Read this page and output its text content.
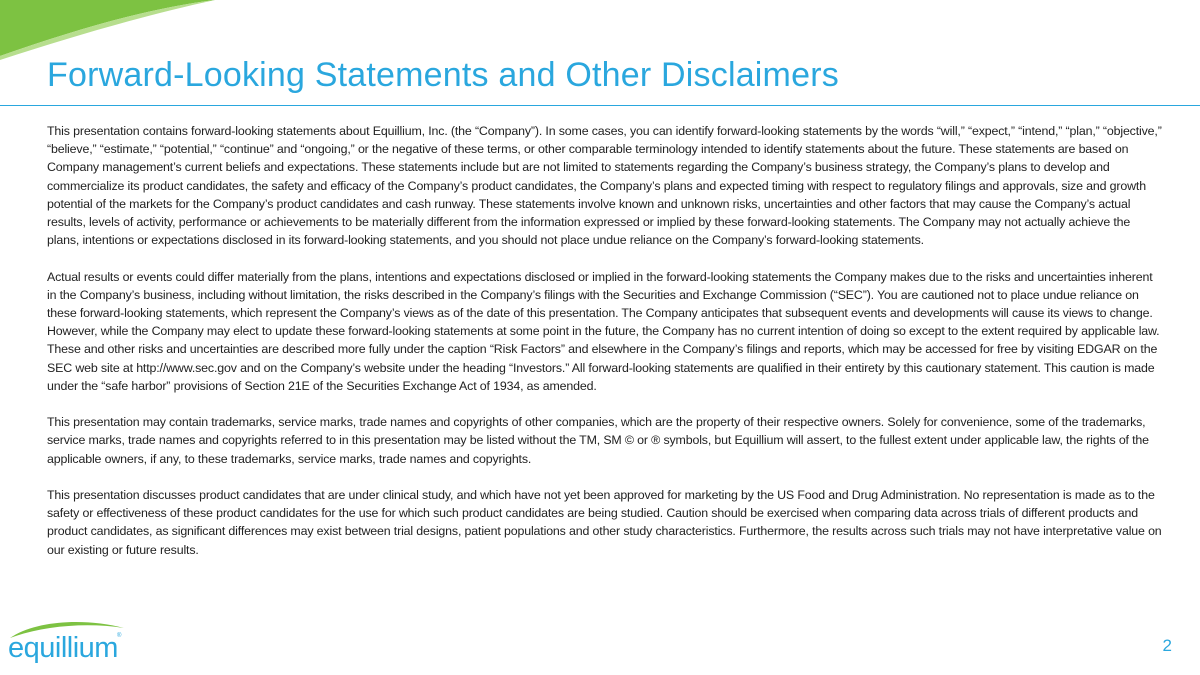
Forward-Looking Statements and Other Disclaimers

This presentation contains forward-looking statements about Equillium, Inc. (the “Company”). In some cases, you can identify forward-looking statements by the words “will,” “expect,” “intend,” “plan,” “objective,” “believe,” “estimate,” “potential,” “continue” and “ongoing,” or the negative of these terms, or other comparable terminology intended to identify statements about the future. These statements are based on Company management’s current beliefs and expectations. These statements include but are not limited to statements regarding the Company’s business strategy, the Company’s plans to develop and commercialize its product candidates, the safety and efficacy of the Company’s product candidates, the Company’s plans and expected timing with respect to regulatory filings and approvals, size and growth potential of the markets for the Company’s product candidates and cash runway. These statements involve known and unknown risks, uncertainties and other factors that may cause the Company’s actual results, levels of activity, performance or achievements to be materially different from the information expressed or implied by these forward-looking statements. The Company may not actually achieve the plans, intentions or expectations disclosed in its forward-looking statements, and you should not place undue reliance on the Company’s forward-looking statements.

Actual results or events could differ materially from the plans, intentions and expectations disclosed or implied in the forward-looking statements the Company makes due to the risks and uncertainties inherent in the Company’s business, including without limitation, the risks described in the Company’s filings with the Securities and Exchange Commission (“SEC”). You are cautioned not to place undue reliance on these forward-looking statements, which represent the Company’s views as of the date of this presentation. The Company anticipates that subsequent events and developments will cause its views to change. However, while the Company may elect to update these forward-looking statements at some point in the future, the Company has no current intention of doing so except to the extent required by applicable law. These and other risks and uncertainties are described more fully under the caption “Risk Factors” and elsewhere in the Company’s filings and reports, which may be accessed for free by visiting EDGAR on the SEC web site at http://www.sec.gov and on the Company’s website under the heading “Investors.” All forward-looking statements are qualified in their entirety by this cautionary statement. This caution is made under the “safe harbor” provisions of Section 21E of the Securities Exchange Act of 1934, as amended.

This presentation may contain trademarks, service marks, trade names and copyrights of other companies, which are the property of their respective owners. Solely for convenience, some of the trademarks, service marks, trade names and copyrights referred to in this presentation may be listed without the TM, SM © or ® symbols, but Equillium will assert, to the fullest extent under applicable law, the rights of the applicable owners, if any, to these trademarks, service marks, trade names and copyrights.

This presentation discusses product candidates that are under clinical study, and which have not yet been approved for marketing by the US Food and Drug Administration. No representation is made as to the safety or effectiveness of these product candidates for the use for which such product candidates are being studied. Caution should be exercised when comparing data across trials of different products and product candidates, as significant differences may exist between trial designs, patient populations and other study characteristics. Furthermore, the results across such trials may not have interpretative value on our existing or future results.

equillium ®	2
